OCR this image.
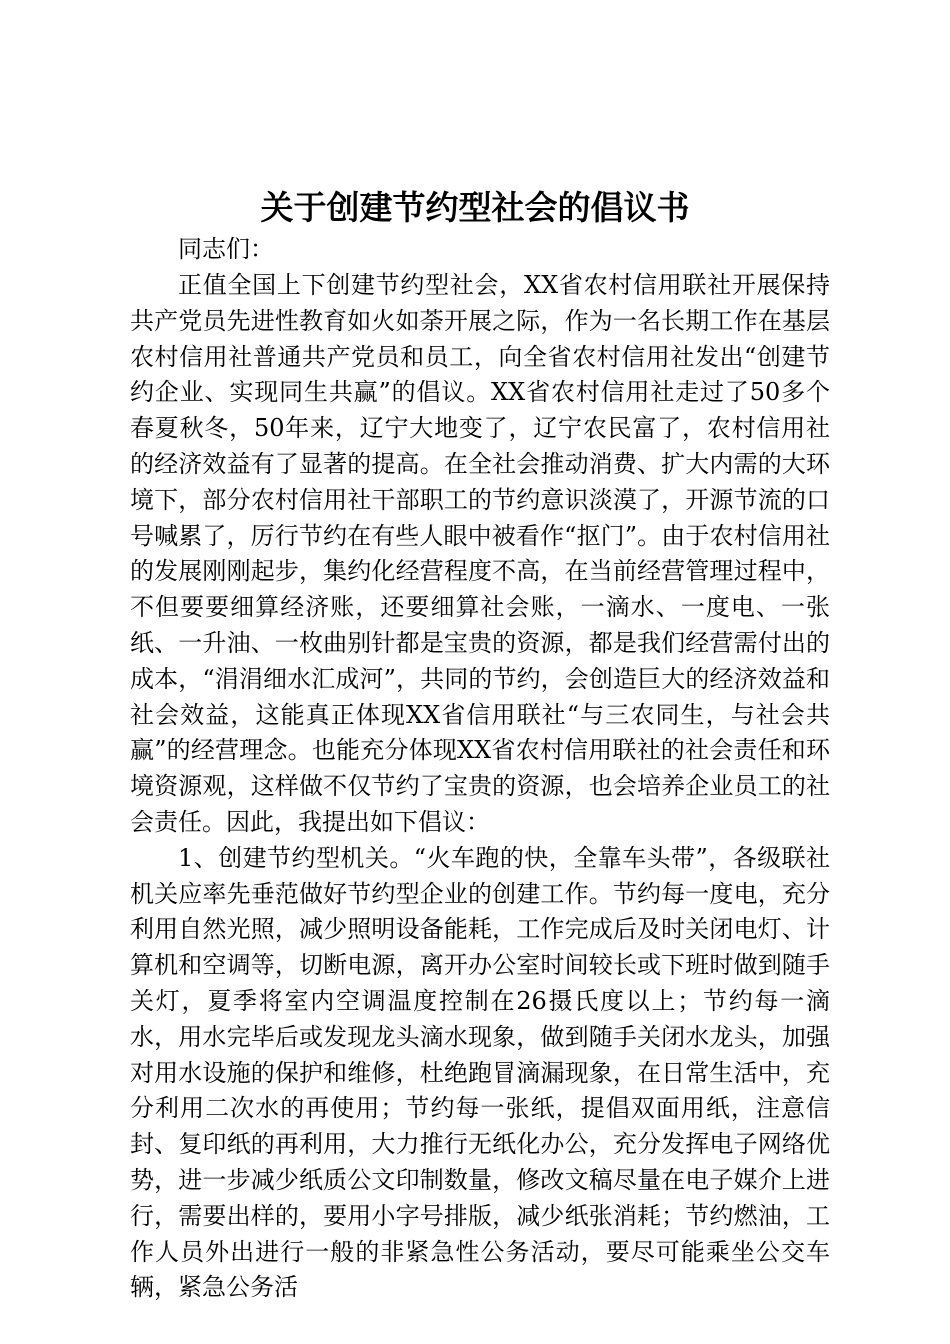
关于创建节约型社会的倡议书

同志们：

正值全国上下创建节约型社会，XX省农村信用联社开展保持共产党员先进性教育如火如荼开展之际，作为一名长期工作在基层农村信用社普通共产党员和员工，向全省农村信用社发出“创建节约企业、实现同生共赢”的倡议。XX省农村信用社走过了50多个春夏秋冬，50年来，辽宁大地变了，辽宁农民富了，农村信用社的经济效益有了显著的提高。在全社会推动消费、扩大内需的大环境下，部分农村信用社干部职工的节约意识淡漠了，开源节流的口号喊累了，厉行节约在有些人眼中被看作“抠门”。由于农村信用社的发展刚刚起步，集约化经营程度不高，在当前经营管理过程中，不但要要细算经济账，还要细算社会账，一滴水、一度电、一张纸、一升油、一枚曲别针都是宝贵的资源，都是我们经营需付出的成本，“涓涓细水汇成河”，共同的节约，会创造巨大的经济效益和社会效益，这能真正体现XX省信用联社“与三农同生，与社会共赢”的经营理念。也能充分体现XX省农村信用联社的社会责任和环境资源观，这样做不仅节约了宝贵的资源，也会培养企业员工的社会责任。因此，我提出如下倡议：

1、创建节约型机关。“火车跑的快，全靠车头带”，各级联社机关应率先垂范做好节约型企业的创建工作。节约每一度电，充分利用自然光照，减少照明设备能耗，工作完成后及时关闭电灯、计算机和空调等，切断电源，离开办公室时间较长或下班时做到随手关灯，夏季将室内空调温度控制在26摄氏度以上；节约每一滴水，用水完毕后或发现龙头滴水现象，做到随手关闭水龙头，加强对用水设施的保护和维修，杜绝跑冒滴漏现象，在日常生活中，充分利用二次水的再使用；节约每一张纸，提倡双面用纸，注意信封、复印纸的再利用，大力推行无纸化办公，充分发挥电子网络优势，进一步减少纸质公文印制数量，修改文稿尽量在电子媒介上进行，需要出样的，要用小字号排版，减少纸张消耗；节约燃油，工作人员外出进行一般的非紧急性公务活动，要尽可能乘坐公交车辆，紧急公务活
